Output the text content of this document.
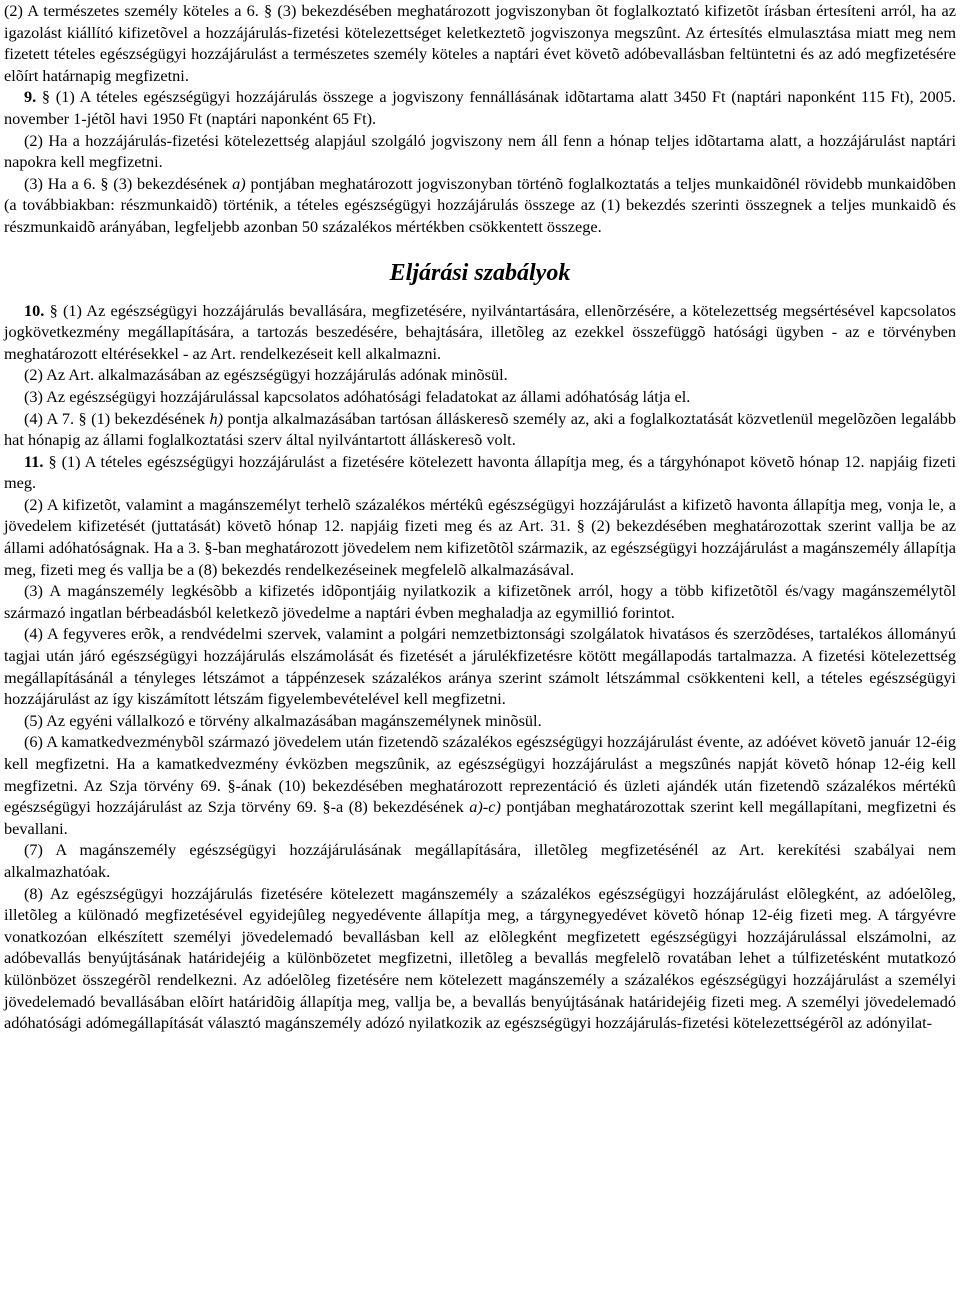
(2) A természetes személy köteles a 6. § (3) bekezdésében meghatározott jogviszonyban õt foglalkoztató kifizetõt írásban értesíteni arról, ha az igazolást kiállító kifizetõvel a hozzájárulás-fizetési kötelezettséget keletkeztetõ jogviszonya megszûnt. Az értesítés elmulasztása miatt meg nem fizetett tételes egészségügyi hozzájárulást a természetes személy köteles a naptári évet követõ adóbevallásban feltüntetni és az adó megfizetésére elõírt határnapig megfizetni.

9. § (1) A tételes egészségügyi hozzájárulás összege a jogviszony fennállásának idõtartama alatt 3450 Ft (naptári naponként 115 Ft), 2005. november 1-jétõl havi 1950 Ft (naptári naponként 65 Ft).

(2) Ha a hozzájárulás-fizetési kötelezettség alapjául szolgáló jogviszony nem áll fenn a hónap teljes idõtartama alatt, a hozzájárulást naptári napokra kell megfizetni.

(3) Ha a 6. § (3) bekezdésének a) pontjában meghatározott jogviszonyban történõ foglalkoztatás a teljes munkaidõnél rövidebb munkaidõben (a továbbiakban: részmunkaidõ) történik, a tételes egészségügyi hozzájárulás összege az (1) bekezdés szerinti összegnek a teljes munkaidõ és részmunkaidõ arányában, legfeljebb azonban 50 százalékos mértékben csökkentett összege.

Eljárási szabályok

10. § (1) Az egészségügyi hozzájárulás bevallására, megfizetésére, nyilvántartására, ellenõrzésére, a kötelezettség megsértésével kapcsolatos jogkövetkezmény megállapítására, a tartozás beszedésére, behajtására, illetõleg az ezekkel összefüggõ hatósági ügyben - az e törvényben meghatározott eltérésekkel - az Art. rendelkezéseit kell alkalmazni.

(2) Az Art. alkalmazásában az egészségügyi hozzájárulás adónak minõsül.

(3) Az egészségügyi hozzájárulással kapcsolatos adóhatósági feladatokat az állami adóhatóság látja el.

(4) A 7. § (1) bekezdésének h) pontja alkalmazásában tartósan álláskeresõ személy az, aki a foglalkoztatását közvetlenül megelõzõen legalább hat hónapig az állami foglalkoztatási szerv által nyilvántartott álláskeresõ volt.

11. § (1) A tételes egészségügyi hozzájárulást a fizetésére kötelezett havonta állapítja meg, és a tárgyhónapot követõ hónap 12. napjáig fizeti meg.

(2) A kifizetõt, valamint a magánszemélyt terhelõ százalékos mértékû egészségügyi hozzájárulást a kifizetõ havonta állapítja meg, vonja le, a jövedelem kifizetését (juttatását) követõ hónap 12. napjáig fizeti meg és az Art. 31. § (2) bekezdésében meghatározottak szerint vallja be az állami adóhatóságnak. Ha a 3. §-ban meghatározott jövedelem nem kifizetõtõl származik, az egészségügyi hozzájárulást a magánszemély állapítja meg, fizeti meg és vallja be a (8) bekezdés rendelkezéseinek megfelelõ alkalmazásával.

(3) A magánszemély legkésõbb a kifizetés idõpontjáig nyilatkozik a kifizetõnek arról, hogy a több kifizetõtõl és/vagy magánszemélytõl származó ingatlan bérbeadásból keletkezõ jövedelme a naptári évben meghaladja az egymillió forintot.

(4) A fegyveres erõk, a rendvédelmi szervek, valamint a polgári nemzetbiztonsági szolgálatok hivatásos és szerzõdéses, tartalékos állományú tagjai után járó egészségügyi hozzájárulás elszámolását és fizetését a járulékfizetésre kötött megállapodás tartalmazza. A fizetési kötelezettség megállapításánál a tényleges létszámot a táppénzesek százalékos aránya szerint számolt létszámmal csökkenteni kell, a tételes egészségügyi hozzájárulást az így kiszámított létszám figyelembevételével kell megfizetni.

(5) Az egyéni vállalkozó e törvény alkalmazásában magánszemélynek minõsül.

(6) A kamatkedvezménybõl származó jövedelem után fizetendõ százalékos egészségügyi hozzájárulást évente, az adóévet követõ január 12-éig kell megfizetni. Ha a kamatkedvezmény évközben megszûnik, az egészségügyi hozzájárulást a megszûnés napját követõ hónap 12-éig kell megfizetni. Az Szja törvény 69. §-ának (10) bekezdésében meghatározott reprezentáció és üzleti ajándék után fizetendõ százalékos mértékû egészségügyi hozzájárulást az Szja törvény 69. §-a (8) bekezdésének a)-c) pontjában meghatározottak szerint kell megállapítani, megfizetni és bevallani.

(7) A magánszemély egészségügyi hozzájárulásának megállapítására, illetõleg megfizetésénél az Art. kerekítési szabályai nem alkalmazhatóak.

(8) Az egészségügyi hozzájárulás fizetésére kötelezett magánszemély a százalékos egészségügyi hozzájárulást elõlegként, az adóelõleg, illetõleg a különadó megfizetésével egyidejûleg negyedévente állapítja meg, a tárgynegyedévet követõ hónap 12-éig fizeti meg. A tárgyévre vonatkozóan elkészített személyi jövedelemadó bevallásban kell az elõlegként megfizetett egészségügyi hozzájárulással elszámolni, az adóbevallás benyújtásának határidejéig a különbözetet megfizetni, illetõleg a bevallás megfelelõ rovatában lehet a túlfizetésként mutatkozó különbözet összegérõl rendelkezni. Az adóelõleg fizetésére nem kötelezett magánszemély a százalékos egészségügyi hozzájárulást a személyi jövedelemadó bevallásában elõírt határidõig állapítja meg, vallja be, a bevallás benyújtásának határidejéig fizeti meg. A személyi jövedelemadó adóhatósági adómegállapítását választó magánszemély adózó nyilatkozik az egészségügyi hozzájárulás-fizetési kötelezettségérõl az adónyilat-
